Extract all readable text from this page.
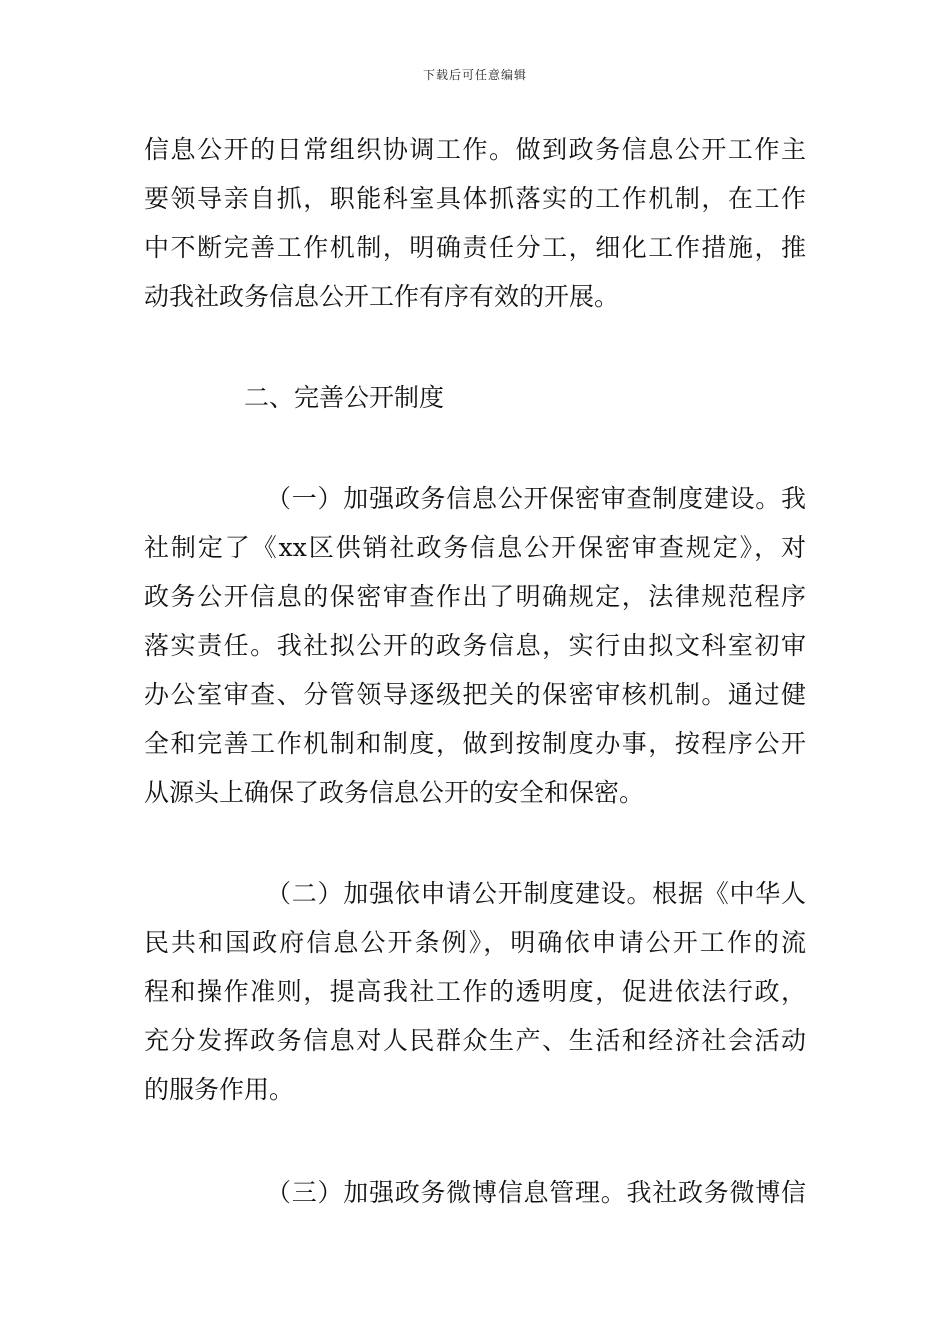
下载后可任意编辑
信息公开的日常组织协调工作。做到政务信息公开工作主
要领导亲自抓，职能科室具体抓落实的工作机制，在工作
中不断完善工作机制，明确责任分工，细化工作措施，推
动我社政务信息公开工作有序有效的开展。
二、完善公开制度
（一）加强政务信息公开保密审查制度建设。我
社制定了《xx区供销社政务信息公开保密审查规定》，对
政务公开信息的保密审查作出了明确规定，法律规范程序
落实责任。我社拟公开的政务信息，实行由拟文科室初审
办公室审查、分管领导逐级把关的保密审核机制。通过健
全和完善工作机制和制度，做到按制度办事，按程序公开
从源头上确保了政务信息公开的安全和保密。
（二）加强依申请公开制度建设。根据《中华人
民共和国政府信息公开条例》，明确依申请公开工作的流
程和操作准则，提高我社工作的透明度，促进依法行政，
充分发挥政务信息对人民群众生产、生活和经济社会活动
的服务作用。
（三）加强政务微博信息管理。我社政务微博信
